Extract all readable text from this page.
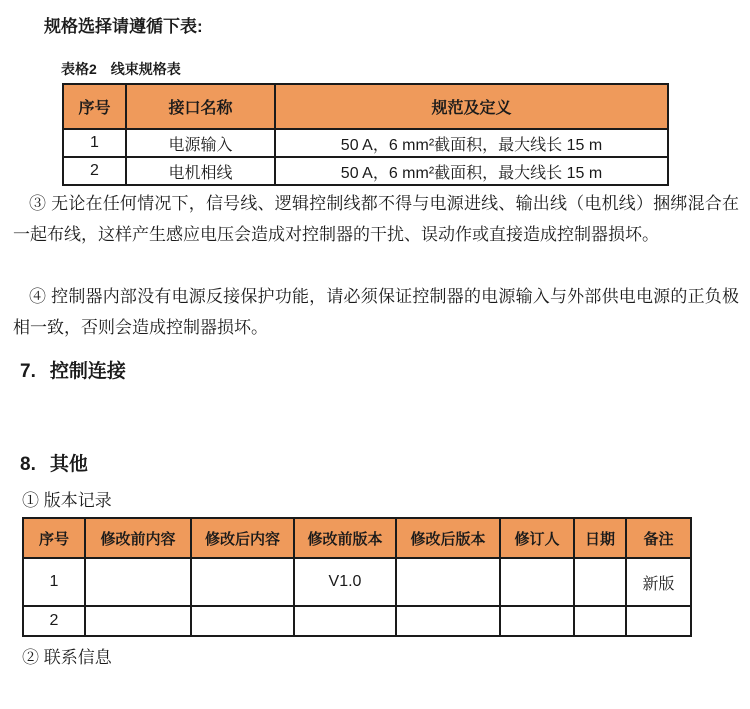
规格选择请遵循下表:

表格2　线束规格表

序号	接口名称	规范及定义
1	电源输入	50 A，6 mm²截面积，最大线长 15 m
2	电机相线	50 A，6 mm²截面积，最大线长 15 m

③ 无论在任何情况下，信号线、逻辑控制线都不得与电源进线、输出线（电机线）捆绑混合在一起布线，这样产生感应电压会造成对控制器的干扰、误动作或直接造成控制器损坏。

④ 控制器内部没有电源反接保护功能，请必须保证控制器的电源输入与外部供电电源的正负极相一致，否则会造成控制器损坏。

7. 控制连接
8. 其他

① 版本记录

序号	修改前内容	修改后内容	修改前版本	修改后版本	修订人	日期	备注
1			V1.0				新版
2							

② 联系信息
